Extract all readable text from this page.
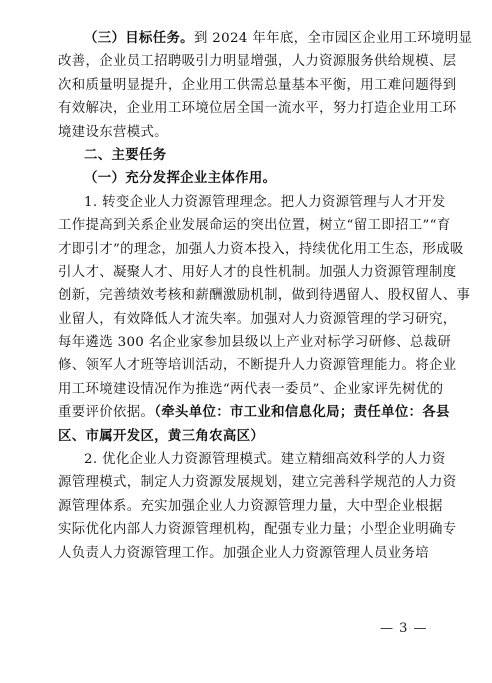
（三）目标任务。到 2024 年年底，全市园区企业用工环境明显
改善，企业员工招聘吸引力明显增强，人力资源服务供给规模、层
次和质量明显提升，企业用工供需总量基本平衡，用工难问题得到
有效解决，企业用工环境位居全国一流水平，努力打造企业用工环
境建设东营模式。
二、主要任务
（一）充分发挥企业主体作用。
1. 转变企业人力资源管理理念。把人力资源管理与人才开发
工作提高到关系企业发展命运的突出位置，树立“留工即招工”“育
才即引才”的理念，加强人力资本投入，持续优化用工生态，形成吸
引人才、凝聚人才、用好人才的良性机制。加强人力资源管理制度
创新，完善绩效考核和薪酬激励机制，做到待遇留人、股权留人、事
业留人，有效降低人才流失率。加强对人力资源管理的学习研究，
每年遴选 300 名企业家参加县级以上产业对标学习研修、总裁研
修、领军人才班等培训活动，不断提升人力资源管理能力。将企业
用工环境建设情况作为推选“两代表一委员”、企业家评先树优的
重要评价依据。（牵头单位：市工业和信息化局；责任单位：各县
区、市属开发区，黄三角农高区）
2. 优化企业人力资源管理模式。建立精细高效科学的人力资
源管理模式，制定人力资源发展规划，建立完善科学规范的人力资
源管理体系。充实加强企业人力资源管理力量，大中型企业根据
实际优化内部人力资源管理机构，配强专业力量；小型企业明确专
人负责人力资源管理工作。加强企业人力资源管理人员业务培
— 3 —
